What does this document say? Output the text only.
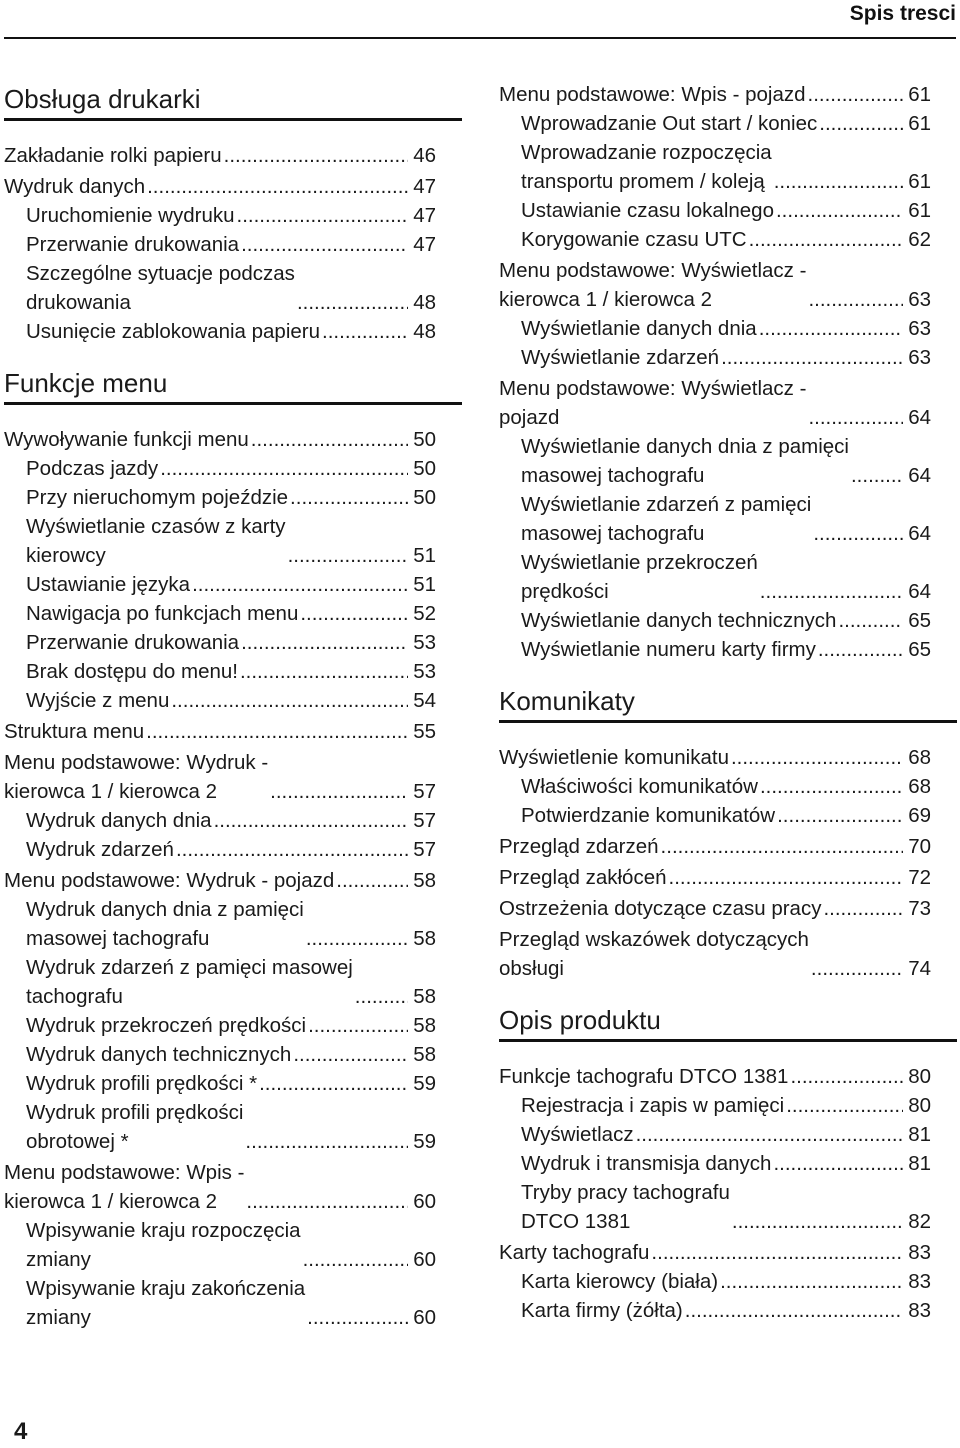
Spis tresci
Obsługa drukarki
Zakładanie rolki papieru .....	46
Wydruk danych .....	47
Uruchomienie wydruku .....	47
Przerwanie drukowania .....	47
Szczególne sytuacje podczas
drukowania .....	48
Usunięcie zablokowania papieru .....	48
Funkcje menu
Wywoływanie funkcji menu .....	50
Podczas jazdy .....	50
Przy nieruchomym pojeździe .....	50
Wyświetlanie czasów z karty
kierowcy .....	51
Ustawianie języka .....	51
Nawigacja po funkcjach menu .....	52
Przerwanie drukowania .....	53
Brak dostępu do menu! .....	53
Wyjście z menu .....	54
Struktura menu .....	55
Menu podstawowe: Wydruk -
kierowca 1 / kierowca 2 .....	57
Wydruk danych dnia .....	57
Wydruk zdarzeń .....	57
Menu podstawowe: Wydruk - pojazd .....	58
Wydruk danych dnia z pamięci
masowej tachografu .....	58
Wydruk zdarzeń z pamięci masowej
tachografu .....	58
Wydruk przekroczeń prędkości .....	58
Wydruk danych technicznych .....	58
Wydruk profili prędkości * .....	59
Wydruk profili prędkości
obrotowej * .....	59
Menu podstawowe: Wpis -
kierowca 1 / kierowca 2 .....	60
Wpisywanie kraju rozpoczęcia
zmiany .....	60
Wpisywanie kraju zakończenia
zmiany .....	60
Menu podstawowe: Wpis - pojazd .....	61
Wprowadzanie Out start / koniec .....	61
Wprowadzanie rozpoczęcia
transportu promem / koleją .....	61
Ustawianie czasu lokalnego .....	61
Korygowanie czasu UTC .....	62
Menu podstawowe: Wyświetlacz -
kierowca 1 / kierowca 2 .....	63
Wyświetlanie danych dnia .....	63
Wyświetlanie zdarzeń .....	63
Menu podstawowe: Wyświetlacz -
pojazd .....	64
Wyświetlanie danych dnia z pamięci
masowej tachografu .....	64
Wyświetlanie zdarzeń z pamięci
masowej tachografu .....	64
Wyświetlanie przekroczeń
prędkości .....	64
Wyświetlanie danych technicznych .....	65
Wyświetlanie numeru karty firmy .....	65
Komunikaty
Wyświetlenie komunikatu .....	68
Właściwości komunikatów .....	68
Potwierdzanie komunikatów .....	69
Przegląd zdarzeń .....	70
Przegląd zakłóceń .....	72
Ostrzeżenia dotyczące czasu pracy .....	73
Przegląd wskazówek dotyczących
obsługi .....	74
Opis produktu
Funkcje tachografu DTCO 1381 .....	80
Rejestracja i zapis w pamięci .....	80
Wyświetlacz .....	81
Wydruk i transmisja danych .....	81
Tryby pracy tachografu
DTCO 1381 .....	82
Karty tachografu .....	83
Karta kierowcy (biała) .....	83
Karta firmy (żółta) .....	83
4
